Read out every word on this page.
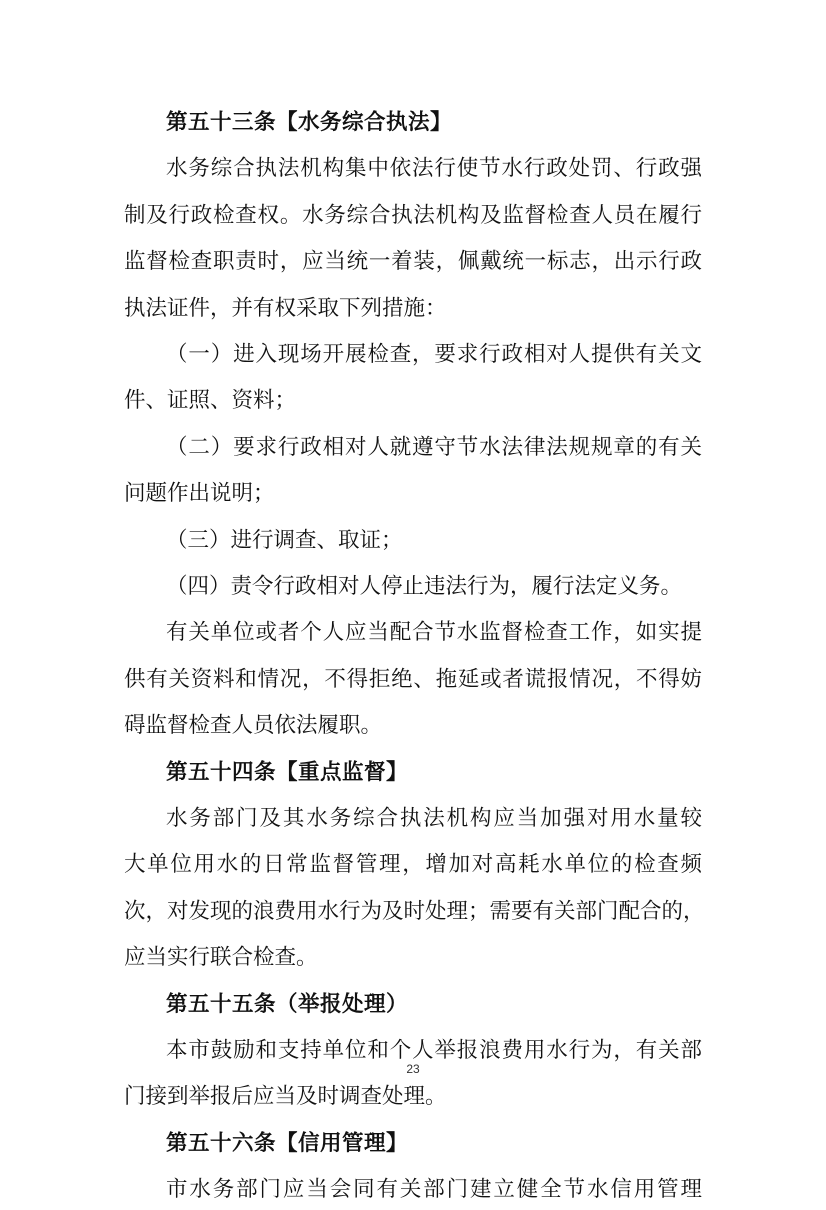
第五十三条【水务综合执法】
水务综合执法机构集中依法行使节水行政处罚、行政强
制及行政检查权。水务综合执法机构及监督检查人员在履行
监督检查职责时，应当统一着装，佩戴统一标志，出示行政
执法证件，并有权采取下列措施：
（一）进入现场开展检查，要求行政相对人提供有关文
件、证照、资料；
（二）要求行政相对人就遵守节水法律法规规章的有关
问题作出说明；
（三）进行调查、取证；
（四）责令行政相对人停止违法行为，履行法定义务。
有关单位或者个人应当配合节水监督检查工作，如实提
供有关资料和情况，不得拒绝、拖延或者谎报情况，不得妨
碍监督检查人员依法履职。
第五十四条【重点监督】
水务部门及其水务综合执法机构应当加强对用水量较
大单位用水的日常监督管理，增加对高耗水单位的检查频
次，对发现的浪费用水行为及时处理；需要有关部门配合的，
应当实行联合检查。
第五十五条（举报处理）
本市鼓励和支持单位和个人举报浪费用水行为，有关部
门接到举报后应当及时调查处理。
第五十六条【信用管理】
市水务部门应当会同有关部门建立健全节水信用管理
23
